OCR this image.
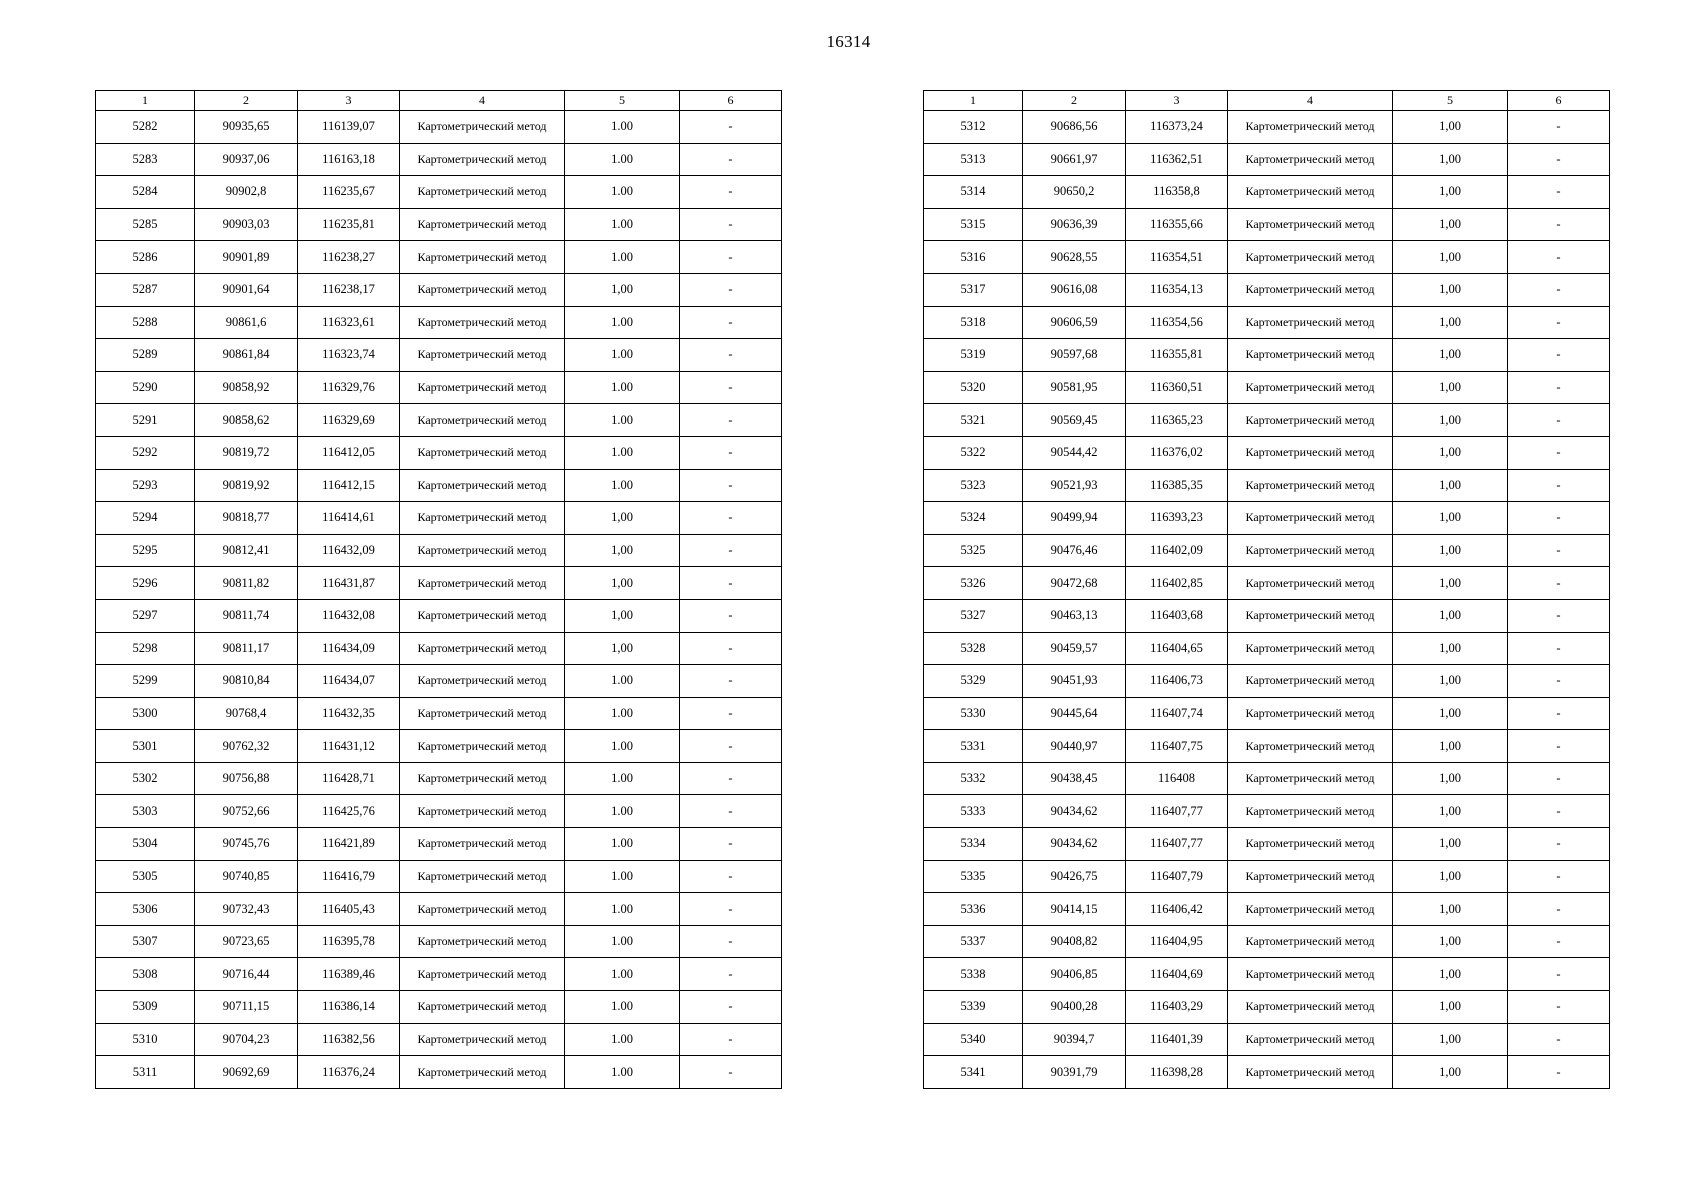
16314
1	2	3	4	5	6
5282	90935,65	116139,07	Картометрический метод	1.00	-
5283	90937,06	116163,18	Картометрический метод	1.00	-
5284	90902,8	116235,67	Картометрический метод	1.00	-
5285	90903,03	116235,81	Картометрический метод	1.00	-
5286	90901,89	116238,27	Картометрический метод	1.00	-
5287	90901,64	116238,17	Картометрический метод	1,00	-
5288	90861,6	116323,61	Картометрический метод	1.00	-
5289	90861,84	116323,74	Картометрический метод	1.00	-
5290	90858,92	116329,76	Картометрический метод	1.00	-
5291	90858,62	116329,69	Картометрический метод	1.00	-
5292	90819,72	116412,05	Картометрический метод	1.00	-
5293	90819,92	116412,15	Картометрический метод	1.00	-
5294	90818,77	116414,61	Картометрический метод	1,00	-
5295	90812,41	116432,09	Картометрический метод	1,00	-
5296	90811,82	116431,87	Картометрический метод	1,00	-
5297	90811,74	116432,08	Картометрический метод	1,00	-
5298	90811,17	116434,09	Картометрический метод	1,00	-
5299	90810,84	116434,07	Картометрический метод	1.00	-
5300	90768,4	116432,35	Картометрический метод	1.00	-
5301	90762,32	116431,12	Картометрический метод	1.00	-
5302	90756,88	116428,71	Картометрический метод	1.00	-
5303	90752,66	116425,76	Картометрический метод	1.00	-
5304	90745,76	116421,89	Картометрический метод	1.00	-
5305	90740,85	116416,79	Картометрический метод	1.00	-
5306	90732,43	116405,43	Картометрический метод	1.00	-
5307	90723,65	116395,78	Картометрический метод	1.00	-
5308	90716,44	116389,46	Картометрический метод	1.00	-
5309	90711,15	116386,14	Картометрический метод	1.00	-
5310	90704,23	116382,56	Картометрический метод	1.00	-
5311	90692,69	116376,24	Картометрический метод	1.00	-
1	2	3	4	5	6
5312	90686,56	116373,24	Картометрический метод	1,00	-
5313	90661,97	116362,51	Картометрический метод	1,00	-
5314	90650,2	116358,8	Картометрический метод	1,00	-
5315	90636,39	116355,66	Картометрический метод	1,00	-
5316	90628,55	116354,51	Картометрический метод	1,00	-
5317	90616,08	116354,13	Картометрический метод	1,00	-
5318	90606,59	116354,56	Картометрический метод	1,00	-
5319	90597,68	116355,81	Картометрический метод	1,00	-
5320	90581,95	116360,51	Картометрический метод	1,00	-
5321	90569,45	116365,23	Картометрический метод	1,00	-
5322	90544,42	116376,02	Картометрический метод	1,00	-
5323	90521,93	116385,35	Картометрический метод	1,00	-
5324	90499,94	116393,23	Картометрический метод	1,00	-
5325	90476,46	116402,09	Картометрический метод	1,00	-
5326	90472,68	116402,85	Картометрический метод	1,00	-
5327	90463,13	116403,68	Картометрический метод	1,00	-
5328	90459,57	116404,65	Картометрический метод	1,00	-
5329	90451,93	116406,73	Картометрический метод	1,00	-
5330	90445,64	116407,74	Картометрический метод	1,00	-
5331	90440,97	116407,75	Картометрический метод	1,00	-
5332	90438,45	116408	Картометрический метод	1,00	-
5333	90434,62	116407,77	Картометрический метод	1,00	-
5334	90434,62	116407,77	Картометрический метод	1,00	-
5335	90426,75	116407,79	Картометрический метод	1,00	-
5336	90414,15	116406,42	Картометрический метод	1,00	-
5337	90408,82	116404,95	Картометрический метод	1,00	-
5338	90406,85	116404,69	Картометрический метод	1,00	-
5339	90400,28	116403,29	Картометрический метод	1,00	-
5340	90394,7	116401,39	Картометрический метод	1,00	-
5341	90391,79	116398,28	Картометрический метод	1,00	-
